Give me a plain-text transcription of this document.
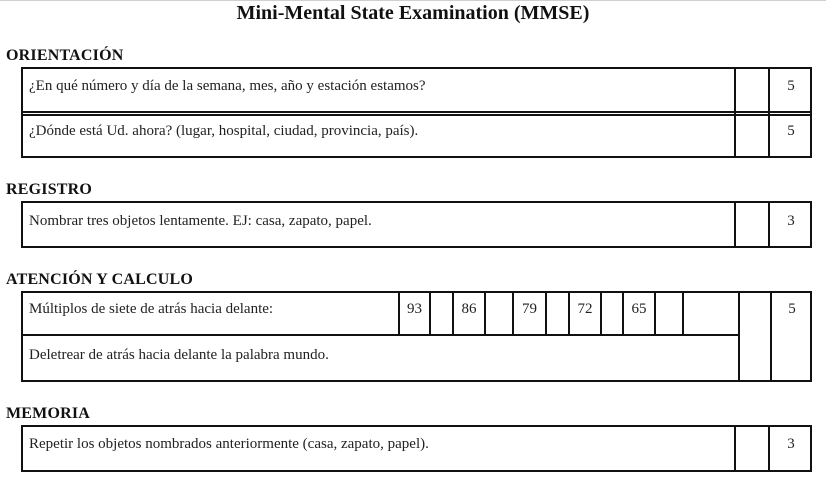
Mini-Mental State Examination (MMSE)
ORIENTACIÓN
¿En qué número y día de la semana, mes, año y estación estamos?	5
¿Dónde está Ud. ahora? (lugar, hospital, ciudad, provincia, país).	5
REGISTRO
Nombrar tres objetos lentamente. EJ: casa, zapato, papel.	3
ATENCIÓN Y CALCULO
Múltiplos de siete de atrás hacia delante:	93	86	79	72	65
Deletrear de atrás hacia delante la palabra mundo.
5
MEMORIA
Repetir los objetos nombrados anteriormente (casa, zapato, papel).	3
